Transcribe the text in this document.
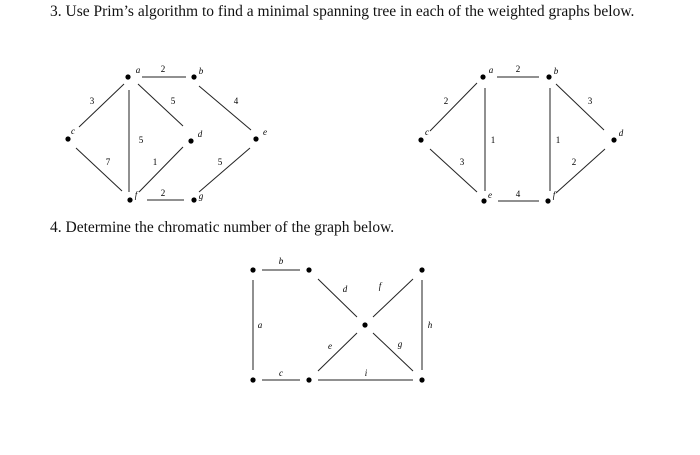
3. Use Prim’s algorithm to find a minimal spanning tree in each of the weighted graphs below.
4. Determine the chromatic number of the graph below.
2
3	5
5
7
4
1	5
2
a	b
c	d	e
f	g
2
2
1	1
3
3
4
2
a	b
c	d
e	f
a
b
c
d
e
f
g
h
i
